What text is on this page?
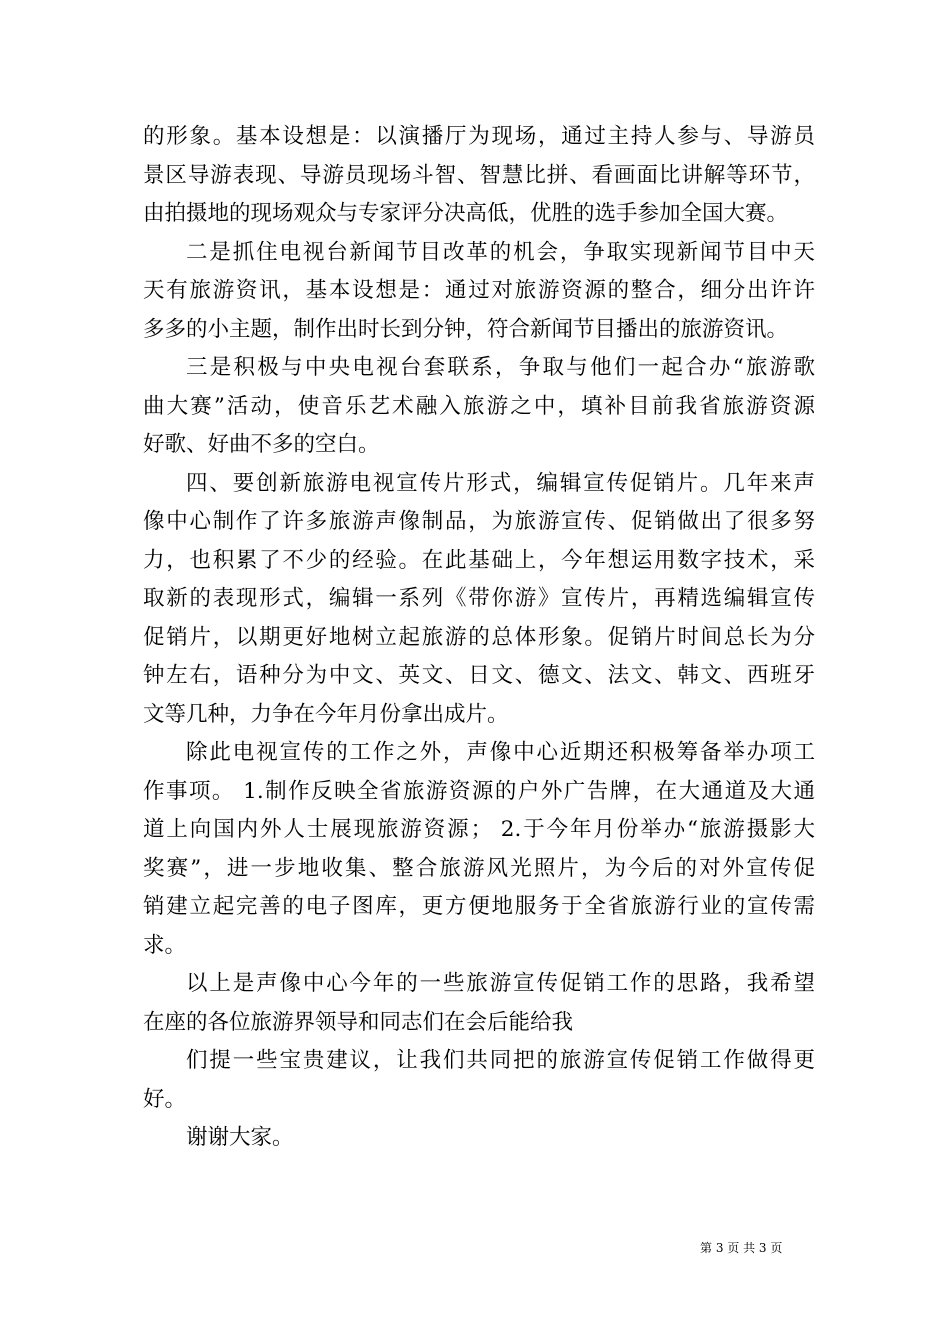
的形象。基本设想是：以演播厅为现场，通过主持人参与、导游员
景区导游表现、导游员现场斗智、智慧比拼、看画面比讲解等环节，
由拍摄地的现场观众与专家评分决高低，优胜的选手参加全国大赛。
二是抓住电视台新闻节目改革的机会，争取实现新闻节目中天
天有旅游资讯，基本设想是：通过对旅游资源的整合，细分出许许
多多的小主题，制作出时长到分钟，符合新闻节目播出的旅游资讯。
三是积极与中央电视台套联系，争取与他们一起合办“旅游歌
曲大赛”活动，使音乐艺术融入旅游之中，填补目前我省旅游资源
好歌、好曲不多的空白。
四、要创新旅游电视宣传片形式，编辑宣传促销片。几年来声
像中心制作了许多旅游声像制品，为旅游宣传、促销做出了很多努
力，也积累了不少的经验。在此基础上，今年想运用数字技术，采
取新的表现形式，编辑一系列《带你游》宣传片，再精选编辑宣传
促销片，以期更好地树立起旅游的总体形象。促销片时间总长为分
钟左右，语种分为中文、英文、日文、德文、法文、韩文、西班牙
文等几种，力争在今年月份拿出成片。
除此电视宣传的工作之外，声像中心近期还积极筹备举办项工
作事项。 1.制作反映全省旅游资源的户外广告牌，在大通道及大通
道上向国内外人士展现旅游资源； 2.于今年月份举办“旅游摄影大
奖赛”，进一步地收集、整合旅游风光照片，为今后的对外宣传促
销建立起完善的电子图库，更方便地服务于全省旅游行业的宣传需
求。
以上是声像中心今年的一些旅游宣传促销工作的思路，我希望
在座的各位旅游界领导和同志们在会后能给我
们提一些宝贵建议，让我们共同把的旅游宣传促销工作做得更
好。
谢谢大家。
第 3 页 共 3 页
